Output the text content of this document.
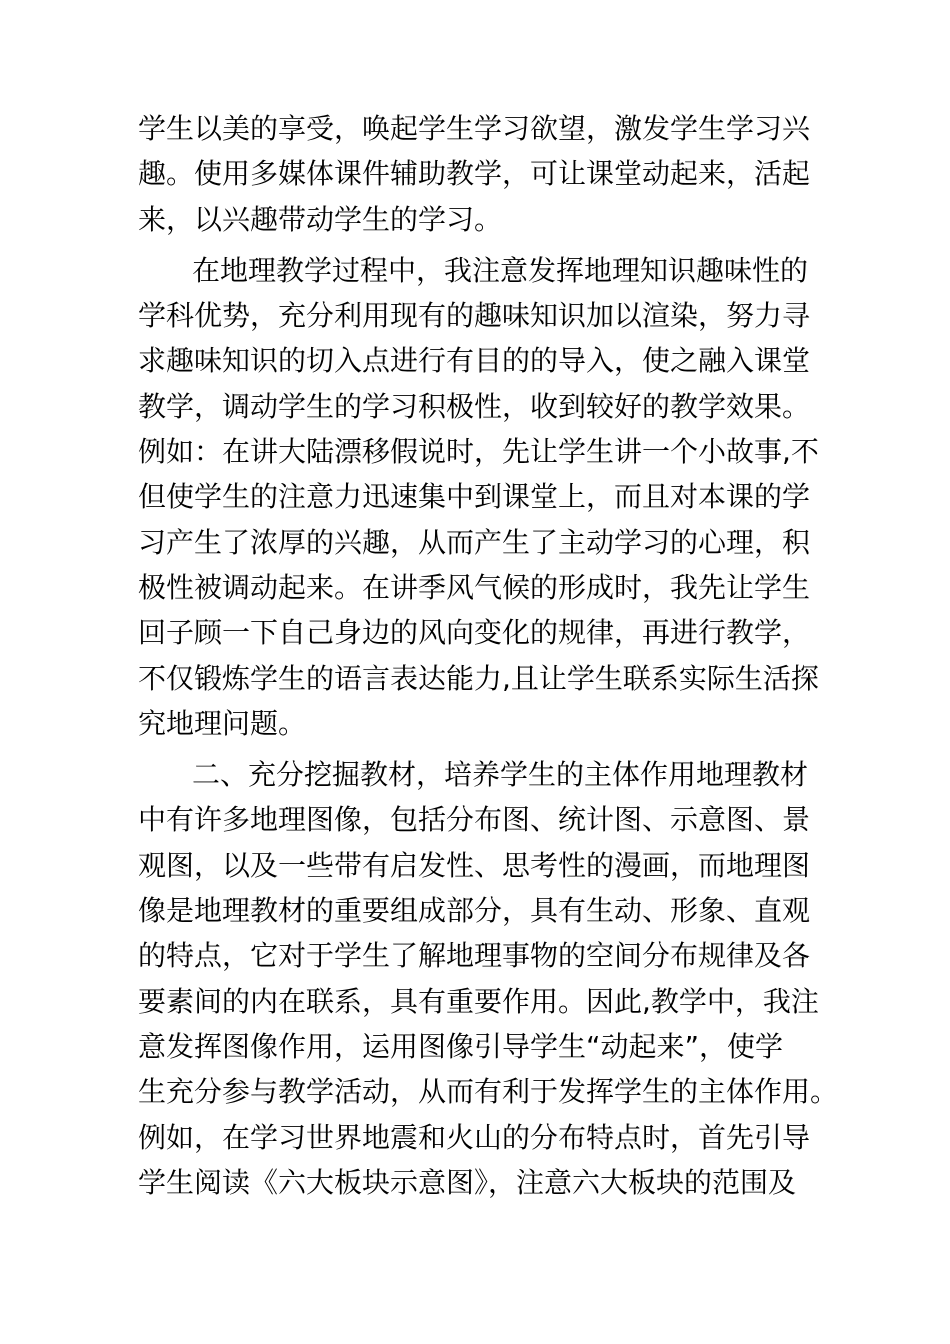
学生以美的享受，唤起学生学习欲望，激发学生学习兴
趣。使用多媒体课件辅助教学，可让课堂动起来，活起
来，以兴趣带动学生的学习。
在地理教学过程中，我注意发挥地理知识趣味性的
学科优势，充分利用现有的趣味知识加以渲染，努力寻
求趣味知识的切入点进行有目的的导入，使之融入课堂
教学，调动学生的学习积极性，收到较好的教学效果。
例如：在讲大陆漂移假说时，先让学生讲一个小故事,不
但使学生的注意力迅速集中到课堂上，而且对本课的学
习产生了浓厚的兴趣，从而产生了主动学习的心理，积
极性被调动起来。在讲季风气候的形成时，我先让学生
回子顾一下自己身边的风向变化的规律，再进行教学，
不仅锻炼学生的语言表达能力,且让学生联系实际生活探
究地理问题。
二、充分挖掘教材，培养学生的主体作用地理教材
中有许多地理图像，包括分布图、统计图、示意图、景
观图，以及一些带有启发性、思考性的漫画，而地理图
像是地理教材的重要组成部分，具有生动、形象、直观
的特点，它对于学生了解地理事物的空间分布规律及各
要素间的内在联系，具有重要作用。因此,教学中，我注
意发挥图像作用，运用图像引导学生“动起来”，使学
生充分参与教学活动，从而有利于发挥学生的主体作用。
例如，在学习世界地震和火山的分布特点时，首先引导
学生阅读《六大板块示意图》，注意六大板块的范围及
